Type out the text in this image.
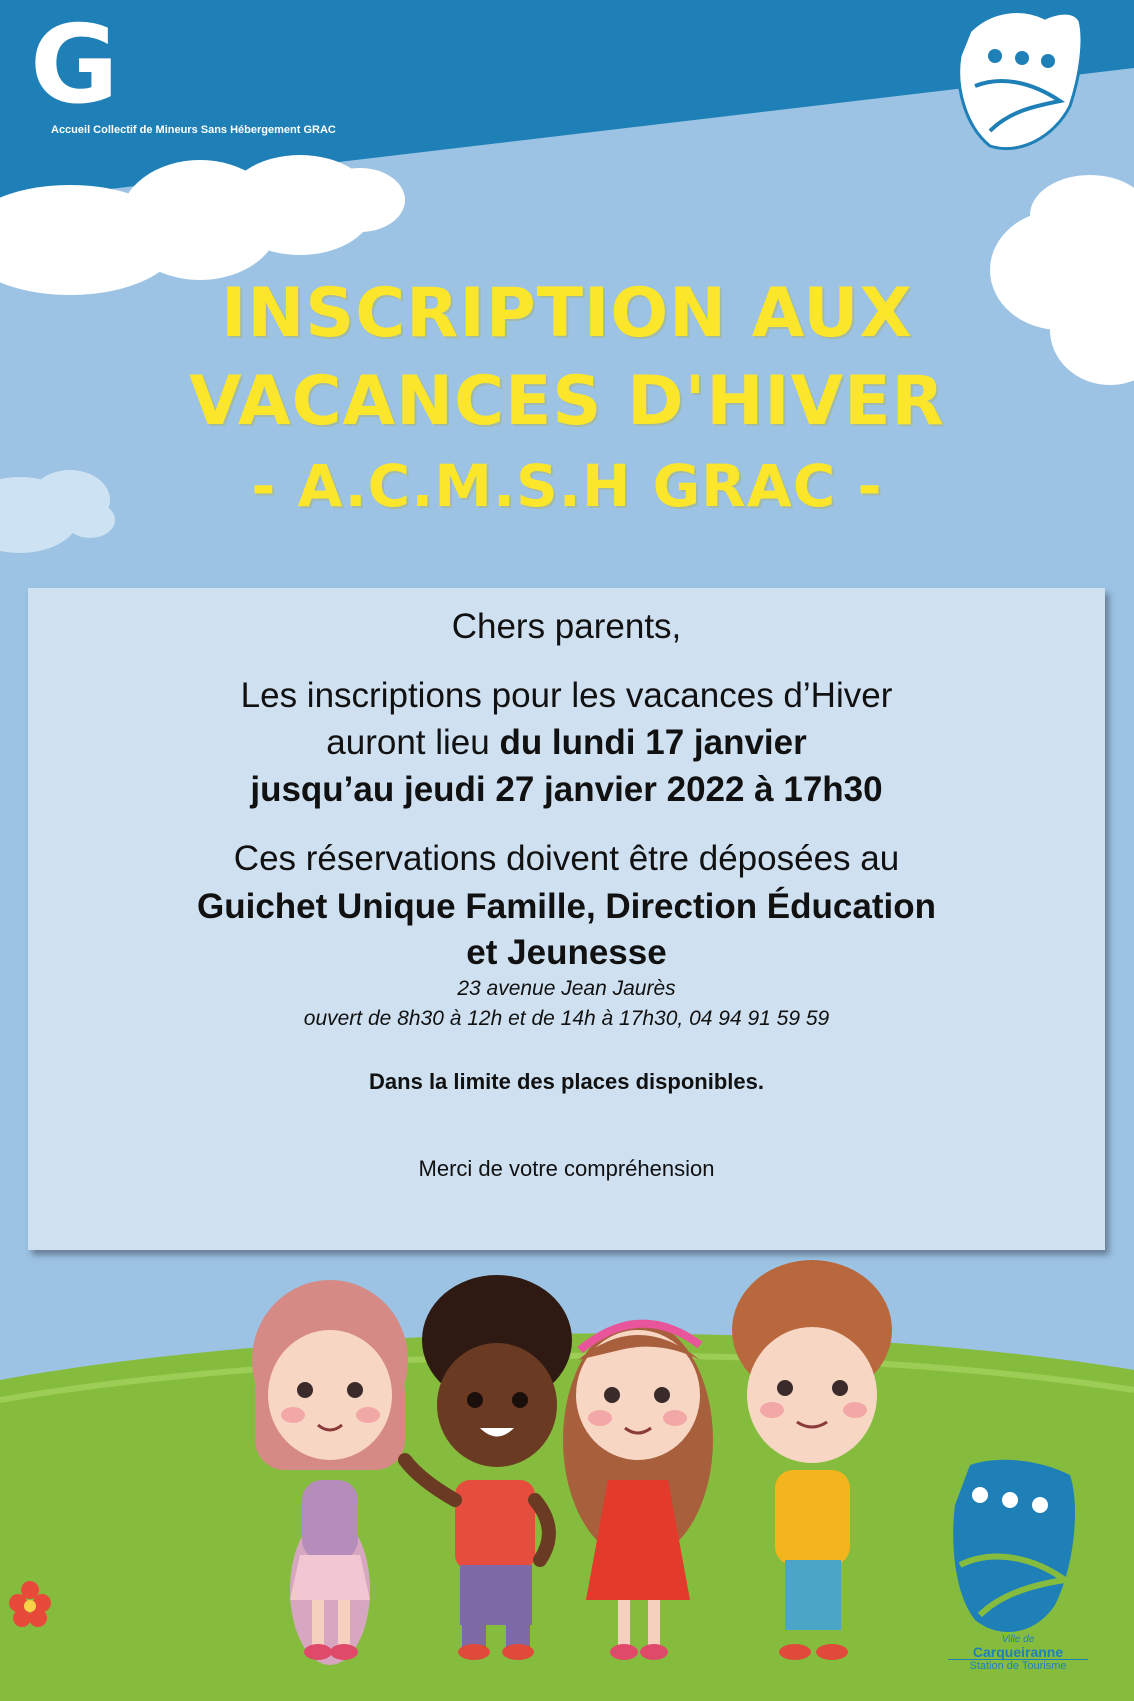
G
Accueil Collectif de Mineurs Sans Hébergement GRAC
INSCRIPTION AUX
VACANCES D'HIVER
- A.C.M.S.H GRAC -
Chers parents,
Les inscriptions pour les vacances d’Hiver
auront lieu du lundi 17 janvier
jusqu’au jeudi 27 janvier 2022 à 17h30
Ces réservations doivent être déposées au
Guichet Unique Famille, Direction Éducation
et Jeunesse
23 avenue Jean Jaurès
ouvert de 8h30 à 12h et de 14h à 17h30, 04 94 91 59 59
Dans la limite des places disponibles.
Merci de votre compréhension
Ville de
Carqueiranne
Station de Tourisme
